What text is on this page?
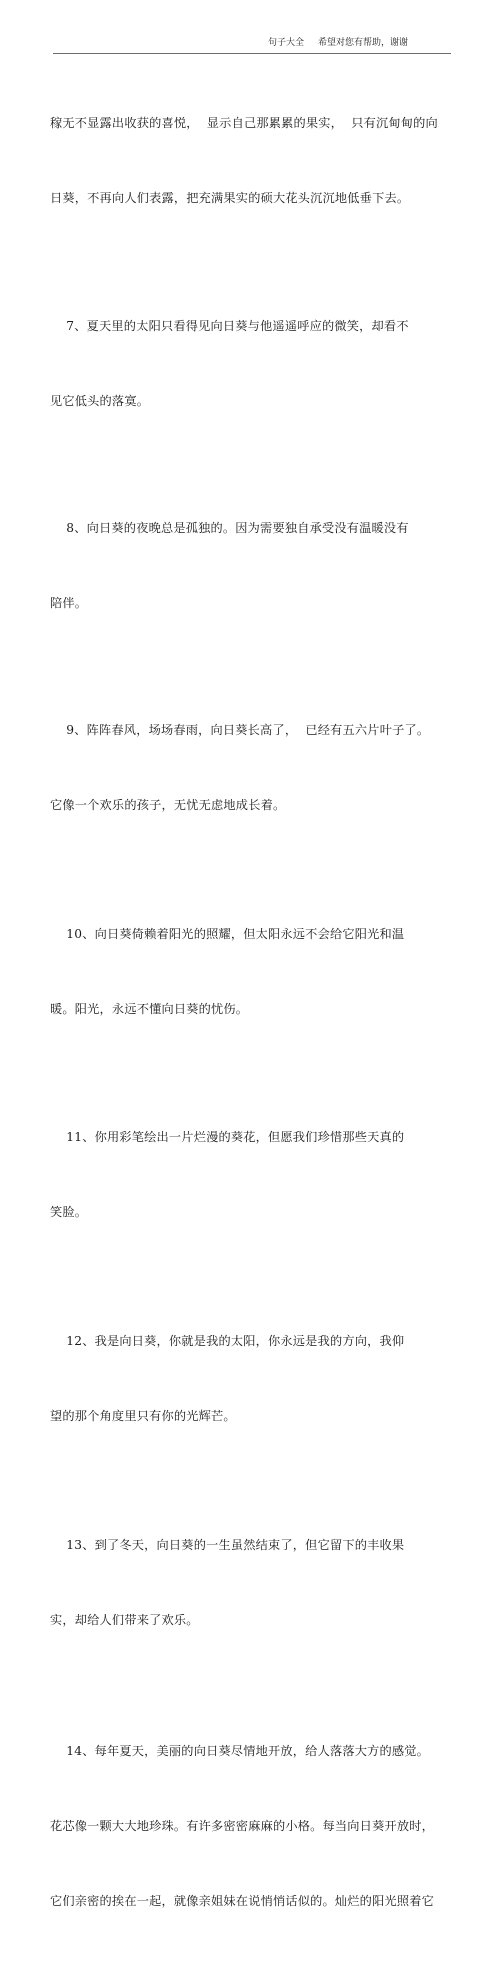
句子大全 希望对您有帮助，谢谢

稼无不显露出收获的喜悦，  显示自己那累累的果实，  只有沉甸甸的向

日葵，不再向人们表露，把充满果实的硕大花头沉沉地低垂下去。

7、夏天里的太阳只看得见向日葵与他遥遥呼应的微笑，却看不

见它低头的落寞。

8、向日葵的夜晚总是孤独的。因为需要独自承受没有温暖没有

陪伴。

9、阵阵春风，场场春雨，向日葵长高了，  已经有五六片叶子了。

它像一个欢乐的孩子，无忧无虑地成长着。

10、向日葵倚赖着阳光的照耀，但太阳永远不会给它阳光和温

暖。阳光，永远不懂向日葵的忧伤。

11、你用彩笔绘出一片烂漫的葵花，但愿我们珍惜那些天真的

笑脸。

12、我是向日葵，你就是我的太阳，你永远是我的方向，我仰

望的那个角度里只有你的光辉芒。

13、到了冬天，向日葵的一生虽然结束了，但它留下的丰收果

实，却给人们带来了欢乐。

14、每年夏天，美丽的向日葵尽情地开放，给人落落大方的感觉。

花芯像一颗大大地珍珠。有许多密密麻麻的小格。每当向日葵开放时，

它们亲密的挨在一起，就像亲姐妹在说悄悄话似的。灿烂的阳光照着它
